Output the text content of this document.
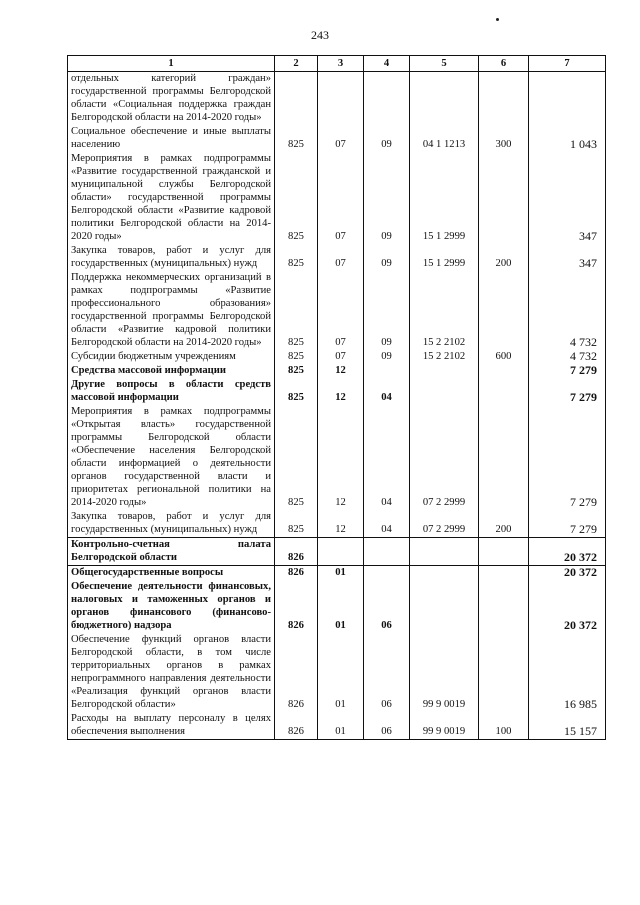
243
1	2	3	4	5	6	7
отдельных категорий граждан» государственной программы Белгородской области «Социальная поддержка граждан Белгородской области на 2014-2020 годы»						
Социальное обеспечение и иные выплаты населению	825	07	09	04 1 1213	300	1 043
Мероприятия в рамках подпрограммы «Развитие государственной гражданской и муниципальной службы Белгородской области» государственной программы Белгородской области «Развитие кадровой политики Белгородской области на 2014-2020 годы»	825	07	09	15 1 2999		347
Закупка товаров, работ и услуг для государственных (муниципальных) нужд	825	07	09	15 1 2999	200	347
Поддержка некоммерческих организаций в рамках подпрограммы «Развитие профессионального образования» государственной программы Белгородской области «Развитие кадровой политики Белгородской области на 2014-2020 годы»	825	07	09	15 2 2102		4 732
Субсидии бюджетным учреждениям	825	07	09	15 2 2102	600	4 732
Средства массовой информации	825	12				7 279
Другие вопросы в области средств массовой информации	825	12	04			7 279
Мероприятия в рамках подпрограммы «Открытая власть» государственной программы Белгородской области «Обеспечение населения Белгородской области информацией о деятельности органов государственной власти и приоритетах региональной политики на 2014-2020 годы»	825	12	04	07 2 2999		7 279
Закупка товаров, работ и услуг для государственных (муниципальных) нужд	825	12	04	07 2 2999	200	7 279
Контрольно-счетная палата Белгородской области	826					20 372
Общегосударственные вопросы	826	01				20 372
Обеспечение деятельности финансовых, налоговых и таможенных органов и органов финансового (финансово-бюджетного) надзора	826	01	06			20 372
Обеспечение функций органов власти Белгородской области, в том числе территориальных органов в рамках непрограммного направления деятельности «Реализация функций органов власти Белгородской области»	826	01	06	99 9 0019		16 985
Расходы на выплату персоналу в целях обеспечения выполнения	826	01	06	99 9 0019	100	15 157
